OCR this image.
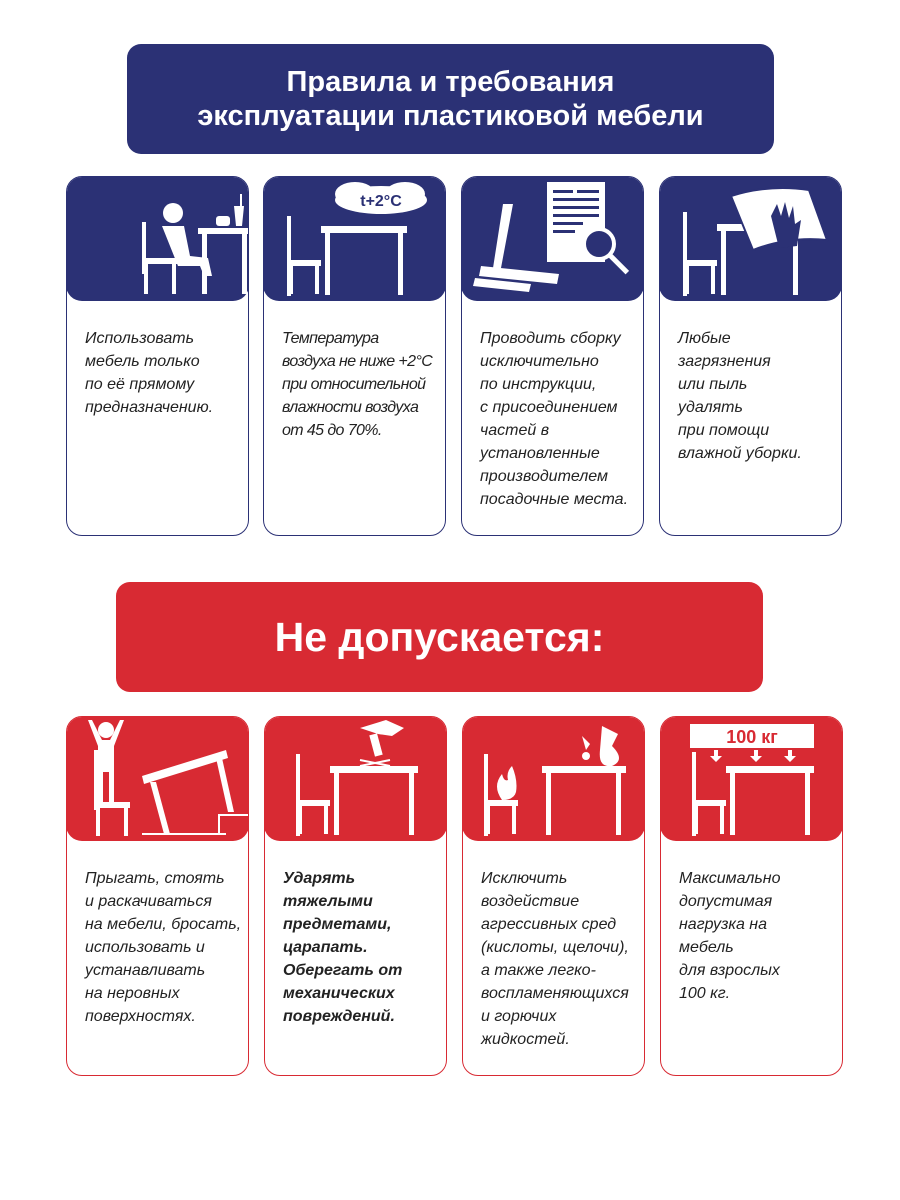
Правила и требования
эксплуатации пластиковой мебели
Использовать
мебель только
по её прямому
предназначению.
t+2°C
Температура
воздуха не ниже +2°C
при относительной
влажности воздуха
от 45 до 70%.
Проводить сборку
исключительно
по инструкции,
с присоединением
частей в
установленные
производителем
посадочные места.
Любые
загрязнения
или пыль
удалять
при помощи
влажной уборки.
Не допускается:
Прыгать, стоять
и раскачиваться
на мебели, бросать,
использовать и
устанавливать
на неровных
поверхностях.
Ударять тяжелыми
предметами,
царапать.
Оберегать от
механических
повреждений.
Исключить
воздействие
агрессивных сред
(кислоты, щелочи),
а также легко-
воспламеняющихся
и горючих
жидкостей.
100 кг
Максимально
допустимая
нагрузка на
мебель
для взрослых
100 кг.
